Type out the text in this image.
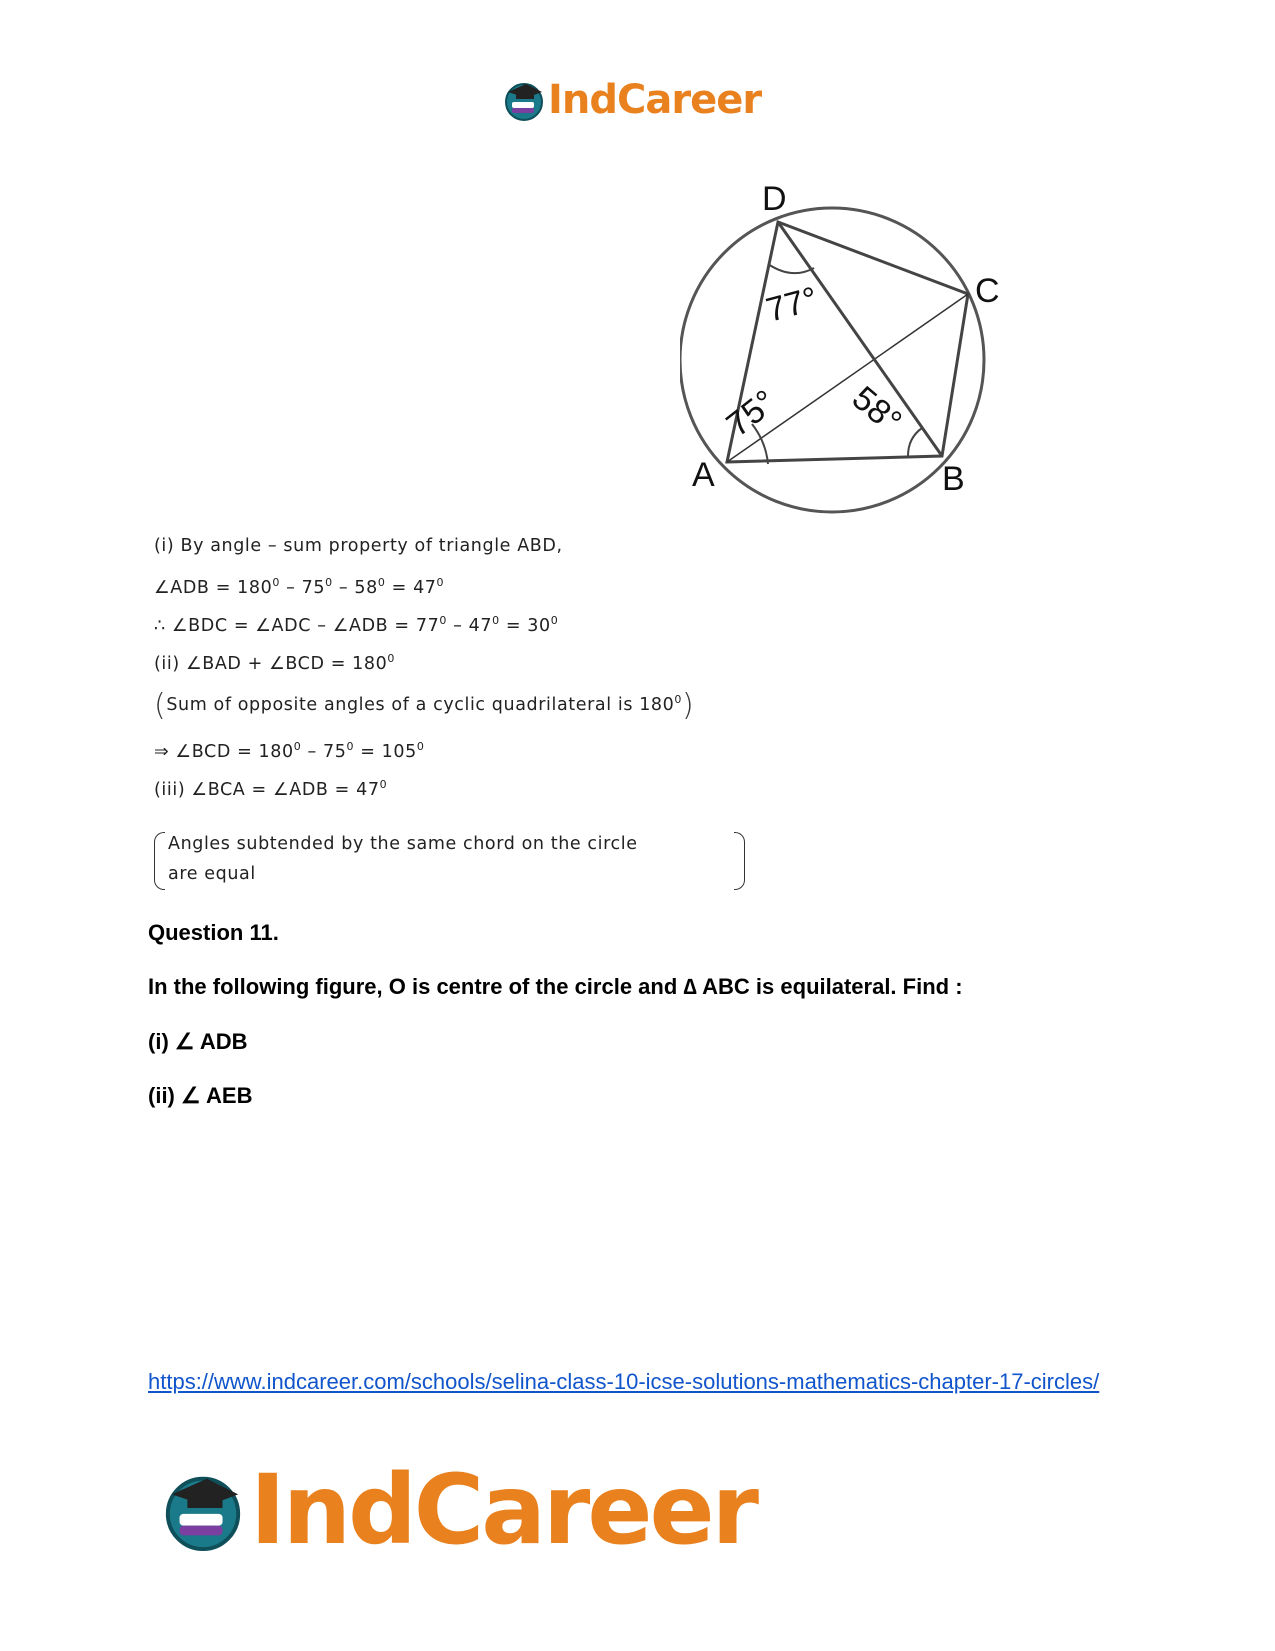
IndCareer
D
C
A	B
77°
75° 58°
(i) By angle – sum property of triangle ABD,
∠ADB = $180^0 - 75^0 - 58^0 = 47^0$
∴ ∠BDC = ∠ADC – ∠ADB = $77^0 - 47^0 = 30^0$
(ii) ∠BAD + ∠BCD = $180^0$
(Sum of opposite angles of a cyclic quadrilateral is $180^0$)
⇒ ∠BCD = $180^0 - 75^0 = 105^0$
(iii) ∠BCA = ∠ADB = $47^0$
Angles subtended by the same chord on the circle
are equal
Question 11.
In the following figure, O is centre of the circle and ∆ ABC is equilateral. Find :
(i) ∠ ADB
(ii) ∠ AEB
https://www.indcareer.com/schools/selina-class-10-icse-solutions-mathematics-chapter-17-circles/
IndCareer
